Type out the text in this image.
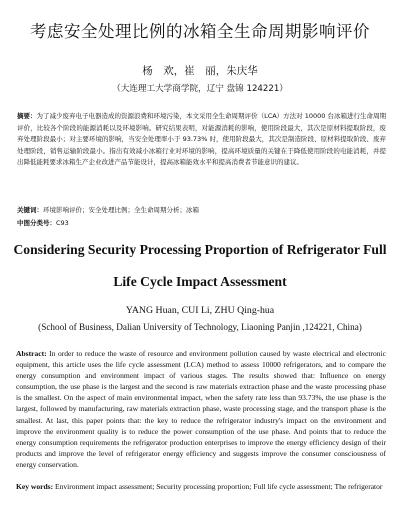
考虑安全处理比例的冰箱全生命周期影响评价
杨　欢，崔　丽，朱庆华
（大连理工大学商学院，辽宁 盘锦 124221）
摘要：为了减少废弃电子电器造成的资源浪费和环境污染，本文采用全生命周期评价（LCA）方法对 10000 台冰箱进行生命周期评价，比较各个阶段的能源消耗以及环境影响。研究结果表明，对能源消耗的影响，使用阶段最大，其次是原材料提取阶段，废弃处理阶段最小；对主要环境的影响，当安全处理率小于 93.73% 时，使用阶段最大，其次是制造阶段、原材料提取阶段、废弃处理阶段，销售运输阶段最小。指出有效减小冰箱行业对环境的影响，提高环境质量的关键在于降低使用阶段的电能消耗，并提出降低能耗要求冰箱生产企业改进产品节能设计，提高冰箱能效水平和提高消费者节能意识的建议。
关键词：环境影响评价；安全处理比例；全生命周期分析；冰箱
中图分类号：C93
Considering Security Processing Proportion of Refrigerator Full Life Cycle Impact Assessment
YANG Huan, CUI Li, ZHU Qing-hua
(School of Business, Dalian University of Technology, Liaoning Panjin ,124221, China)
Abstract: In order to reduce the waste of resource and environment pollution caused by waste electrical and electronic equipment, this article uses the life cycle assessment (LCA) method to assess 10000 refrigerators, and to compare the energy consumption and environment impact of various stages. The results showed that: Influence on energy consumption, the use phase is the largest and the second is raw materials extraction phase and the waste processing phase is the smallest. On the aspect of main environmental impact, when the safety rate less than 93.73%, the use phase is the largest, followed by manufacturing, raw materials extraction phase, waste processing stage, and the transport phase is the smallest. At last, this paper points that: the key to reduce the refrigerator industry's impact on the environment and improve the environment quality is to reduce the power consumption of the use phase. And points that to reduce the energy consumption requirements the refrigerator production enterprises to improve the energy efficiency design of their products and improve the level of refrigerator energy efficiency and suggests improve the consumer consciousness of energy conservation.
Key words: Environment impact assessment; Security processing proportion; Full life cycle assessment; The refrigerator
